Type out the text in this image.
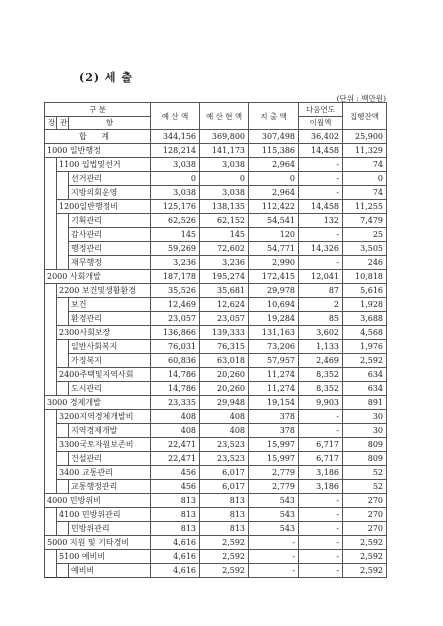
(2) 세 출
(단위 : 백만원)
구 분			예 산 액	예 산 현 액	지 출 액	다음연도	집행잔액
장	관	항				이월액	
합 계			344,156	369,800	307,498	36,402	25,900
1000 일반행정			128,214	141,173	115,386	14,458	11,329
	1100 입법및선거		3,038	3,038	2,964	-	74
		선거관리	0	0	0	-	0
		지방의회운영	3,038	3,038	2,964	-	74
	1200일반행정비		125,176	138,135	112,422	14,458	11,255
		기획관리	62,526	62,152	54,541	132	7,479
		감사관리	145	145	120	-	25
		행정관리	59,269	72,602	54,771	14,326	3,505
		재무행정	3,236	3,236	2,990	-	246
2000 사회개발			187,178	195,274	172,415	12,041	10,818
	2200 보건및생활환경		35,526	35,681	29,978	87	5,616
		보건	12,469	12,624	10,694	2	1,928
		환경관리	23,057	23,057	19,284	85	3,688
	2300사회보장		136,866	139,333	131,163	3,602	4,568
		일반사회복지	76,031	76,315	73,206	1,133	1,976
		가정복지	60,836	63,018	57,957	2,469	2,592
	2400주택및지역사회		14,786	20,260	11,274	8,352	634
		도시관리	14,786	20,260	11,274	8,352	634
3000 경제개발			23,335	29,948	19,154	9,903	891
	3200지역경제개발비		408	408	378	-	30
		지역경제개발	408	408	378	-	30
	3300국토자원보존비		22,471	23,523	15,997	6,717	809
		건설관리	22,471	23,523	15,997	6,717	809
	3400 교통관리		456	6,017	2,779	3,186	52
		교통행정관리	456	6,017	2,779	3,186	52
4000 민방위비			813	813	543	-	270
	4100 민방위관리		813	813	543	-	270
		민방위관리	813	813	543	-	270
5000 지원 및 기타경비			4,616	2,592	-	-	2,592
	5100 예비비		4,616	2,592	-	-	2,592
		예비비	4,616	2,592	-	-	2,592
